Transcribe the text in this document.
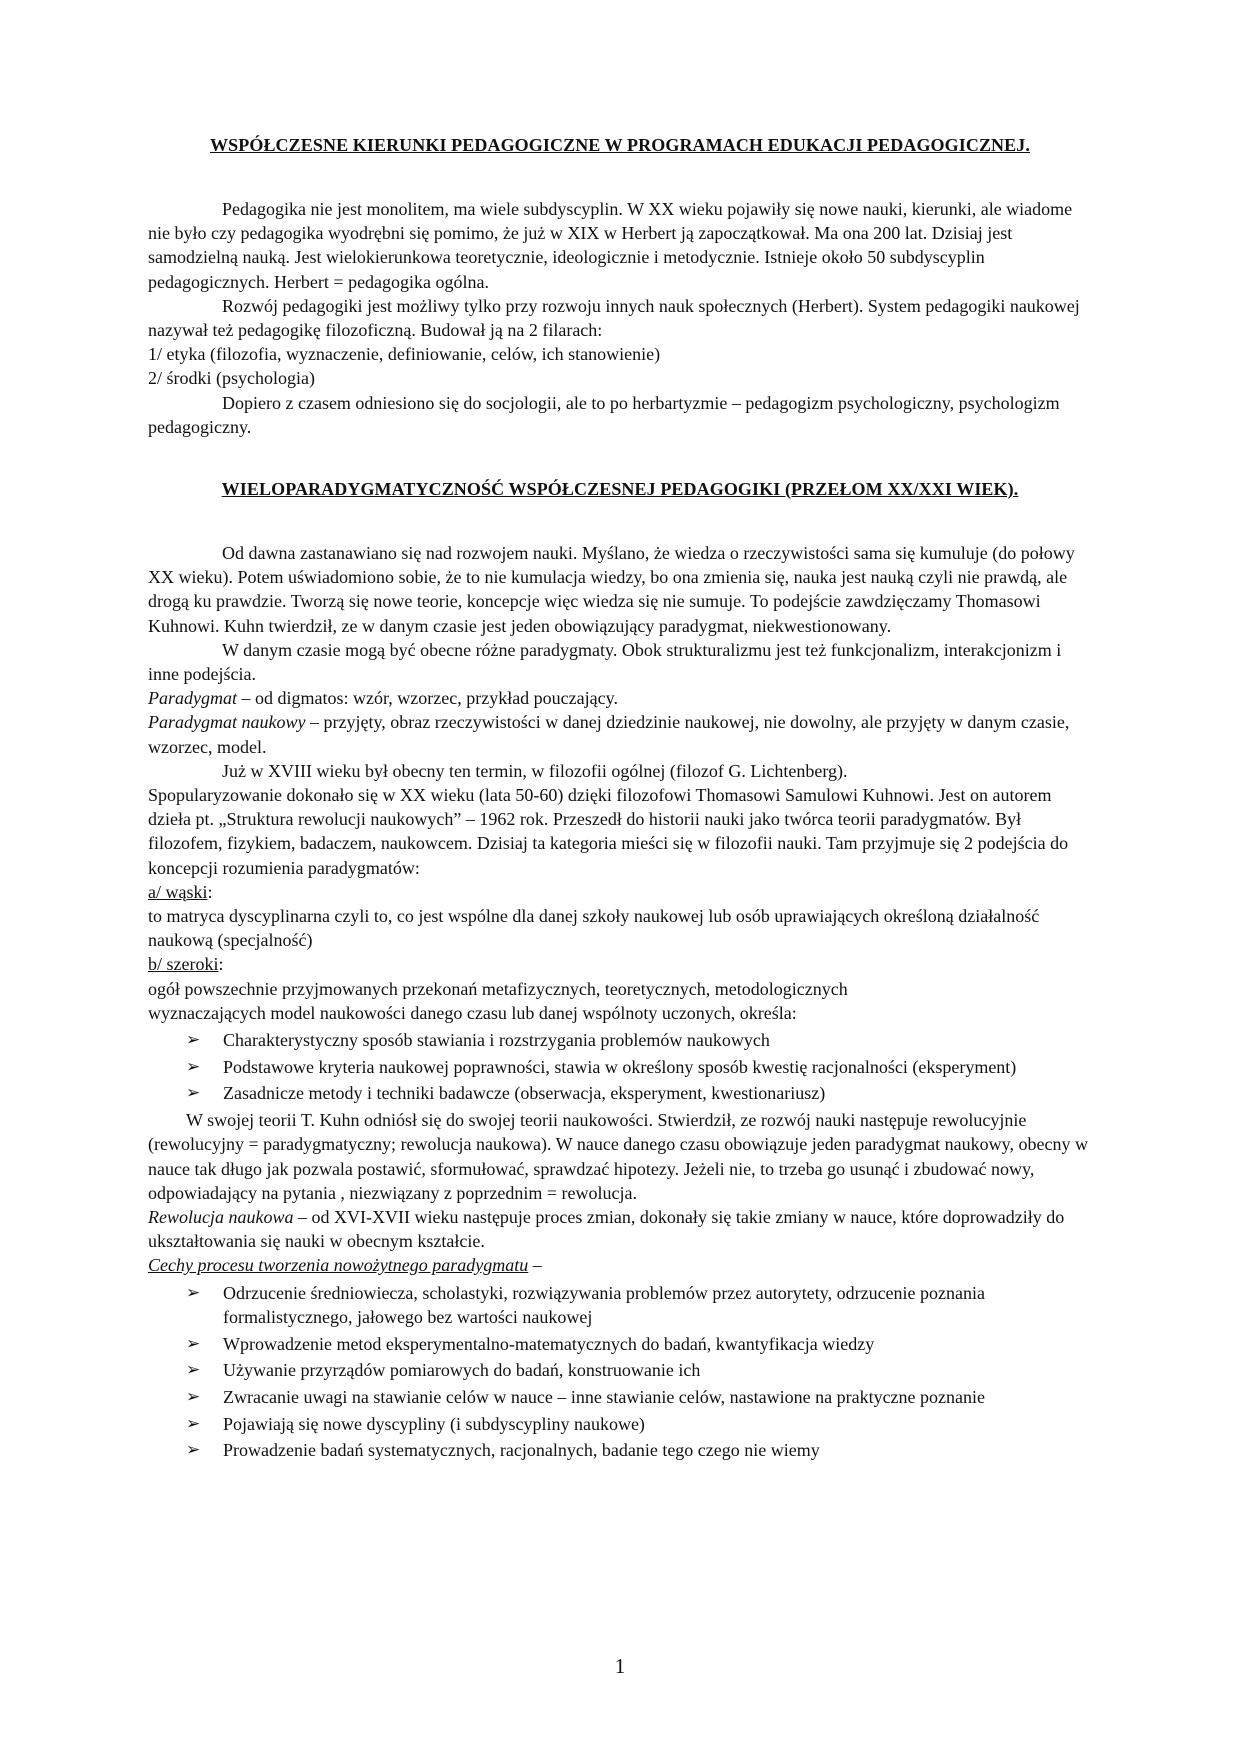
WSPÓŁCZESNE KIERUNKI PEDAGOGICZNE W PROGRAMACH EDUKACJI PEDAGOGICZNEJ.

Pedagogika nie jest monolitem, ma wiele subdyscyplin. W XX wieku pojawiły się nowe nauki, kierunki, ale wiadome nie było czy pedagogika wyodrębni się pomimo, że już w XIX w Herbert ją zapoczątkował. Ma ona 200 lat. Dzisiaj jest samodzielną nauką. Jest wielokierunkowa teoretycznie, ideologicznie i metodycznie. Istnieje około 50 subdyscyplin pedagogicznych. Herbert = pedagogika ogólna.

Rozwój pedagogiki jest możliwy tylko przy rozwoju innych nauk społecznych (Herbert). System pedagogiki naukowej nazywał też pedagogikę filozoficzną. Budował ją na 2 filarach:

1/ etyka (filozofia, wyznaczenie, definiowanie, celów, ich stanowienie)

2/ środki (psychologia)

Dopiero z czasem odniesiono się do socjologii, ale to po herbartyzmie – pedagogizm psychologiczny, psychologizm pedagogiczny.

WIELOPARADYGMATYCZNOŚĆ WSPÓŁCZESNEJ PEDAGOGIKI (PRZEŁOM XX/XXI WIEK).

Od dawna zastanawiano się nad rozwojem nauki. Myślano, że wiedza o rzeczywistości sama się kumuluje (do połowy XX wieku). Potem uświadomiono sobie, że to nie kumulacja wiedzy, bo ona zmienia się, nauka jest nauką czyli nie prawdą, ale drogą ku prawdzie. Tworzą się nowe teorie, koncepcje więc wiedza się nie sumuje. To podejście zawdzięczamy Thomasowi Kuhnowi. Kuhn twierdził, ze w danym czasie jest jeden obowiązujący paradygmat, niekwestionowany.

W danym czasie mogą być obecne różne paradygmaty. Obok strukturalizmu jest też funkcjonalizm, interakcjonizm i inne podejścia.

Paradygmat – od digmatos: wzór, wzorzec, przykład pouczający.

Paradygmat naukowy – przyjęty, obraz rzeczywistości w danej dziedzinie naukowej, nie dowolny, ale przyjęty w danym czasie, wzorzec, model.

Już w XVIII wieku był obecny ten termin, w filozofii ogólnej (filozof G. Lichtenberg).

Spopularyzowanie dokonało się w XX wieku (lata 50-60) dzięki filozofowi Thomasowi Samulowi Kuhnowi. Jest on autorem dzieła pt. „Struktura rewolucji naukowych” – 1962 rok. Przeszedł do historii nauki jako twórca teorii paradygmatów. Był filozofem, fizykiem, badaczem, naukowcem. Dzisiaj ta kategoria mieści się w filozofii nauki. Tam przyjmuje się 2 podejścia do koncepcji rozumienia paradygmatów:

a/ wąski:

to matryca dyscyplinarna czyli to, co jest wspólne dla danej szkoły naukowej lub osób uprawiających określoną działalność naukową (specjalność)

b/ szeroki:

ogół powszechnie przyjmowanych przekonań metafizycznych, teoretycznych, metodologicznych

wyznaczających model naukowości danego czasu lub danej wspólnoty uczonych, określa:

➢ Charakterystyczny sposób stawiania i rozstrzygania problemów naukowych
➢ Podstawowe kryteria naukowej poprawności, stawia w określony sposób kwestię racjonalności (eksperyment)
➢ Zasadnicze metody i techniki badawcze (obserwacja, eksperyment, kwestionariusz)

W swojej teorii T. Kuhn odniósł się do swojej teorii naukowości. Stwierdził, ze rozwój nauki następuje rewolucyjnie (rewolucyjny = paradygmatyczny; rewolucja naukowa). W nauce danego czasu obowiązuje jeden paradygmat naukowy, obecny w nauce tak długo jak pozwala postawić, sformułować, sprawdzać hipotezy. Jeżeli nie, to trzeba go usunąć i zbudować nowy, odpowiadający na pytania , niezwiązany z poprzednim = rewolucja.

Rewolucja naukowa – od XVI-XVII wieku następuje proces zmian, dokonały się takie zmiany w nauce, które doprowadziły do ukształtowania się nauki w obecnym kształcie.

Cechy procesu tworzenia nowożytnego paradygmatu –

➢ Odrzucenie średniowiecza, scholastyki, rozwiązywania problemów przez autorytety, odrzucenie poznania formalistycznego, jałowego bez wartości naukowej
➢ Wprowadzenie metod eksperymentalno-matematycznych do badań, kwantyfikacja wiedzy
➢ Używanie przyrządów pomiarowych do badań, konstruowanie ich
➢ Zwracanie uwagi na stawianie celów w nauce – inne stawianie celów, nastawione na praktyczne poznanie
➢ Pojawiają się nowe dyscypliny (i subdyscypliny naukowe)
➢ Prowadzenie badań systematycznych, racjonalnych, badanie tego czego nie wiemy
1
